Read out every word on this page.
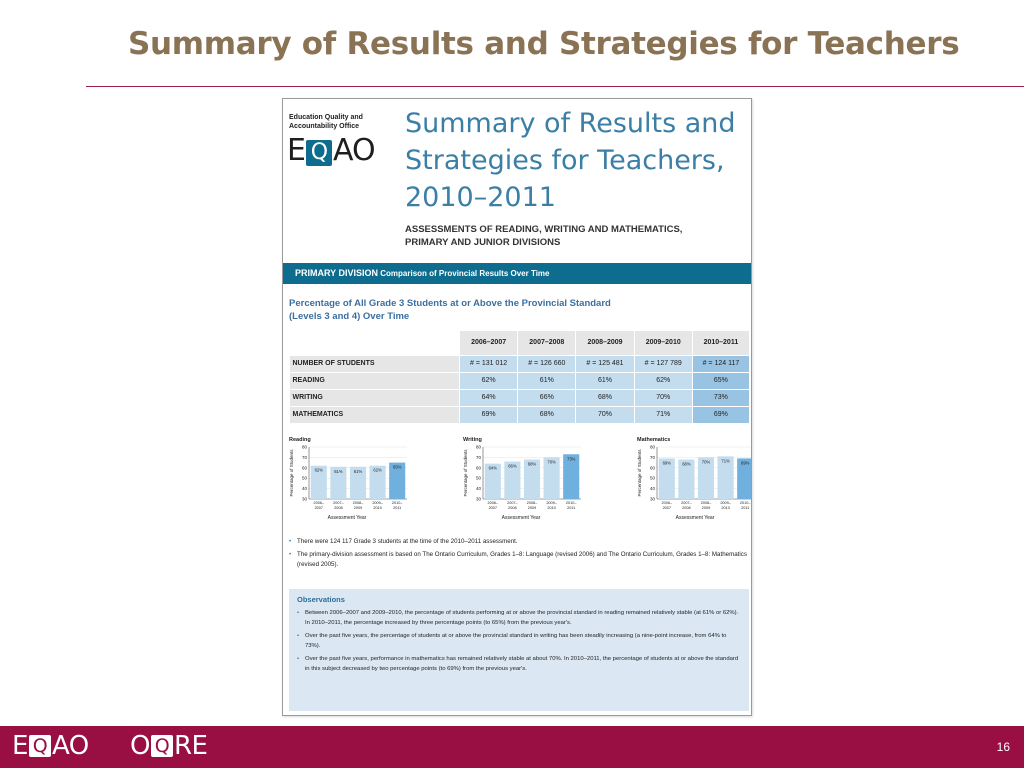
Summary of Results and Strategies for Teachers
Education Quality and Accountability Office
E Q AO
Summary of Results and Strategies for Teachers, 2010–2011
ASSESSMENTS OF READING, WRITING AND MATHEMATICS,
PRIMARY AND JUNIOR DIVISIONS
PRIMARY DIVISION Comparison of Provincial Results Over Time
Percentage of All Grade 3 Students at or Above the Provincial Standard
(Levels 3 and 4) Over Time
	2006–2007	2007–2008	2008–2009	2009–2010	2010–2011
NUMBER OF STUDENTS	# = 131 012	# = 126 660	# = 125 481	# = 127 789	# = 124 117
READING	62%	61%	61%	62%	65%
WRITING	64%	66%	68%	70%	73%
MATHEMATICS	69%	68%	70%	71%	69%
Reading
Percentage of Students
30
40
50
60
70
80
62%
2006–
2007
61%
2007–
2008
61%
2008–
2009
62%
2009–
2010
65%
2010–
2011
Assessment Year
Writing
Percentage of Students
30
40
50
60
70
80
64%
2006–
2007
66%
2007–
2008
68%
2008–
2009
70%
2009–
2010
73%
2010–
2011
Assessment Year
Mathematics
Percentage of Students
30
40
50
60
70
80
69%
2006–
2007
68%
2007–
2008
70%
2008–
2009
71%
2009–
2010
69%
2010–
2011
Assessment Year
• There were 124 117 Grade 3 students at the time of the 2010–2011 assessment.
• The primary-division assessment is based on The Ontario Curriculum, Grades 1–8: Language (revised 2006) and The Ontario Curriculum, Grades 1–8: Mathematics (revised 2005).
Observations
• Between 2006–2007 and 2009–2010, the percentage of students performing at or above the provincial standard in reading remained relatively stable (at 61% or 62%). In 2010–2011, the percentage increased by three percentage points (to 65%) from the previous year's.
• Over the past five years, the percentage of students at or above the provincial standard in writing has been steadily increasing (a nine-point increase, from 64% to 73%).
• Over the past five years, performance in mathematics has remained relatively stable at about 70%. In 2010–2011, the percentage of students at or above the standard in this subject decreased by two percentage points (to 69%) from the previous year's.
E Q AO O Q RE	16
